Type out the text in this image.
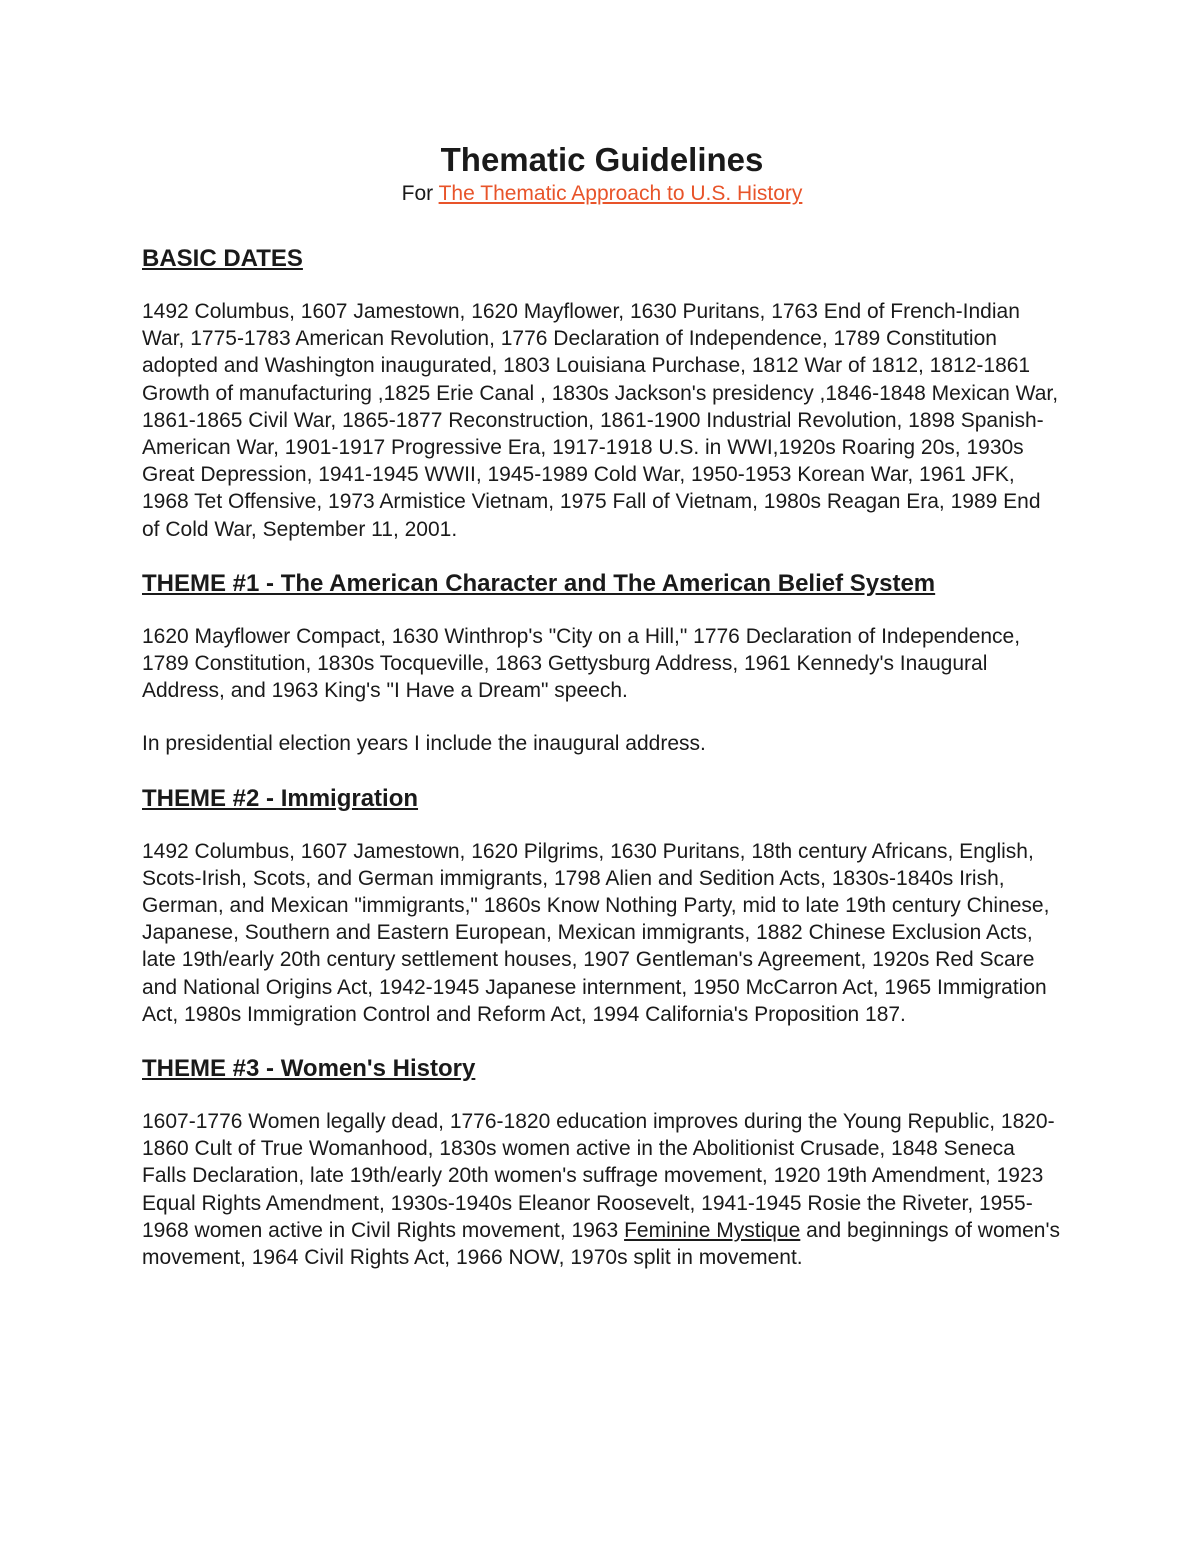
Thematic Guidelines

For The Thematic Approach to U.S. History

BASIC DATES

1492 Columbus, 1607 Jamestown, 1620 Mayflower, 1630 Puritans, 1763 End of French-Indian War, 1775-1783 American Revolution, 1776 Declaration of Independence, 1789 Constitution adopted and Washington inaugurated, 1803 Louisiana Purchase, 1812 War of 1812, 1812-1861 Growth of manufacturing ,1825 Erie Canal , 1830s Jackson's presidency ,1846-1848 Mexican War, 1861-1865 Civil War, 1865-1877 Reconstruction, 1861-1900 Industrial Revolution, 1898 Spanish-American War, 1901-1917 Progressive Era, 1917-1918 U.S. in WWI,1920s Roaring 20s, 1930s Great Depression, 1941-1945 WWII, 1945-1989 Cold War, 1950-1953 Korean War, 1961 JFK, 1968 Tet Offensive, 1973 Armistice Vietnam, 1975 Fall of Vietnam, 1980s Reagan Era, 1989 End of Cold War, September 11, 2001.

THEME #1 - The American Character and The American Belief System

1620 Mayflower Compact, 1630 Winthrop's "City on a Hill," 1776 Declaration of Independence, 1789 Constitution, 1830s Tocqueville, 1863 Gettysburg Address, 1961 Kennedy's Inaugural Address, and 1963 King's "I Have a Dream" speech.

In presidential election years I include the inaugural address.

THEME #2 - Immigration

1492 Columbus, 1607 Jamestown, 1620 Pilgrims, 1630 Puritans, 18th century Africans, English, Scots-Irish, Scots, and German immigrants, 1798 Alien and Sedition Acts, 1830s-1840s Irish, German, and Mexican "immigrants," 1860s Know Nothing Party, mid to late 19th century Chinese, Japanese, Southern and Eastern European, Mexican immigrants, 1882 Chinese Exclusion Acts, late 19th/early 20th century settlement houses, 1907 Gentleman's Agreement, 1920s Red Scare and National Origins Act, 1942-1945 Japanese internment, 1950 McCarron Act, 1965 Immigration Act, 1980s Immigration Control and Reform Act, 1994 California's Proposition 187.

THEME #3 - Women's History

1607-1776 Women legally dead, 1776-1820 education improves during the Young Republic, 1820-1860 Cult of True Womanhood, 1830s women active in the Abolitionist Crusade, 1848 Seneca Falls Declaration, late 19th/early 20th women's suffrage movement, 1920 19th Amendment, 1923 Equal Rights Amendment, 1930s-1940s Eleanor Roosevelt, 1941-1945 Rosie the Riveter, 1955-1968 women active in Civil Rights movement, 1963 Feminine Mystique and beginnings of women's movement, 1964 Civil Rights Act, 1966 NOW, 1970s split in movement.
